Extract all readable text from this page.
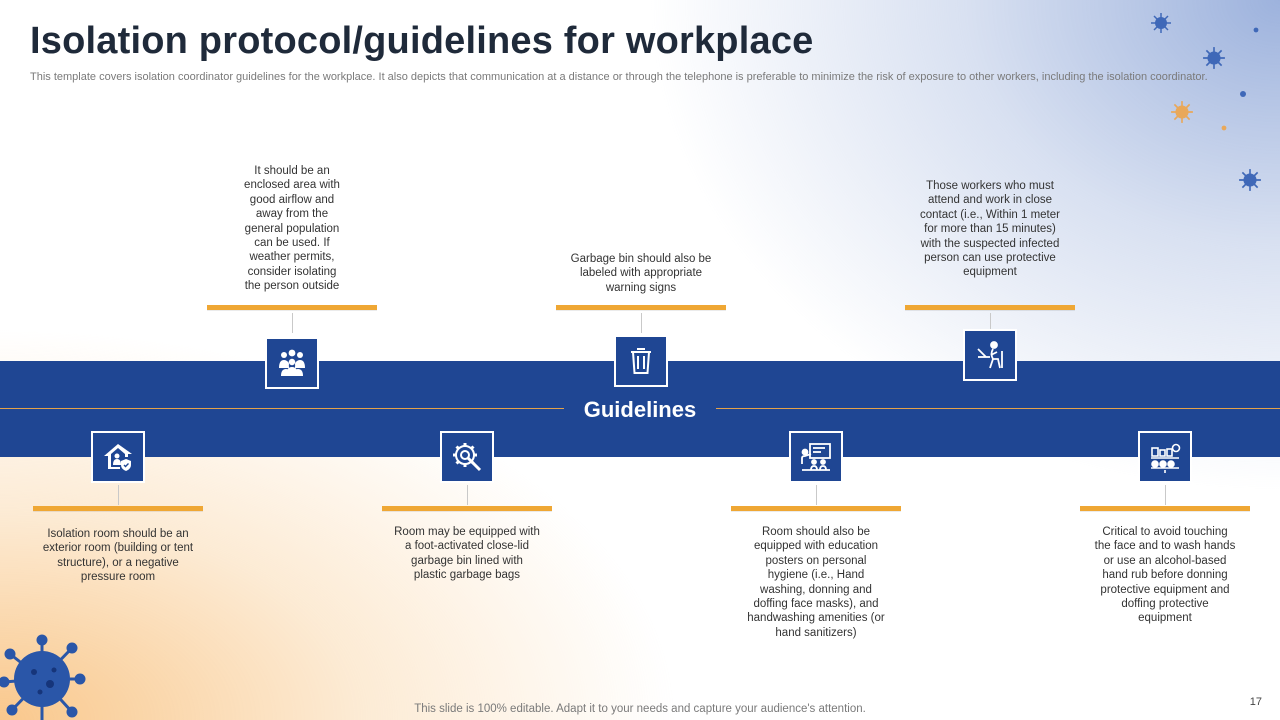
Isolation protocol/guidelines for workplace
This template covers isolation coordinator guidelines for the workplace. It also depicts that communication at a distance or through the telephone is preferable to minimize the risk of exposure to other workers, including the isolation coordinator.
Guidelines
It should be an enclosed area with good airflow and away from the general population can be used. If weather permits, consider isolating the person outside
Garbage bin should also be labeled with appropriate warning signs
Those workers who must attend and work in close contact (i.e., Within 1 meter for more than 15 minutes) with the suspected infected person can use protective equipment
Isolation room should be an exterior room (building or tent structure), or a negative pressure room
Room may be equipped with a foot-activated close-lid garbage bin lined with plastic garbage bags
Room should also be equipped with education posters on personal hygiene (i.e., Hand washing, donning and doffing face masks), and handwashing amenities (or hand sanitizers)
Critical to avoid touching the face and to wash hands or use an alcohol-based hand rub before donning protective equipment and doffing protective equipment
This slide is 100% editable. Adapt it to your needs and capture your audience's attention.
17
